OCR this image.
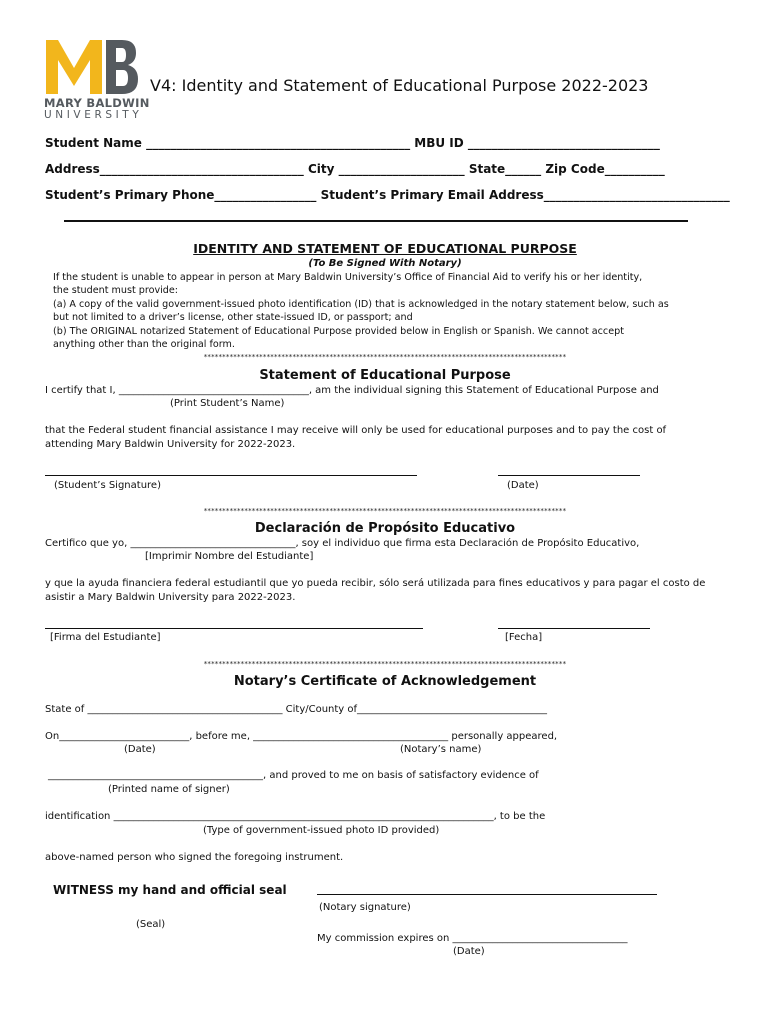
MARY BALDWIN
UNIVERSITY
V4: Identity and Statement of Educational Purpose 2022-2023
Student Name ____________________________________________ MBU ID ________________________________
Address__________________________________ City _____________________ State______ Zip Code__________
Student’s Primary Phone_________________ Student’s Primary Email Address_______________________________
IDENTITY AND STATEMENT OF EDUCATIONAL PURPOSE
(To Be Signed With Notary)
If the student is unable to appear in person at Mary Baldwin University’s Office of Financial Aid to verify his or her identity,
the student must provide:
(a) A copy of the valid government-issued photo identification (ID) that is acknowledged in the notary statement below, such as
but not limited to a driver’s license, other state-issued ID, or passport; and
(b) The ORIGINAL notarized Statement of Educational Purpose provided below in English or Spanish. We cannot accept
anything other than the original form.
**************************************************************************************************
Statement of Educational Purpose
I certify that I, ______________________________________, am the individual signing this Statement of Educational Purpose and
(Print Student’s Name)
that the Federal student financial assistance I may receive will only be used for educational purposes and to pay the cost of
attending Mary Baldwin University for 2022-2023.
(Student’s Signature)	(Date)
**************************************************************************************************
Declaración de Propósito Educativo
Certifico que yo, _________________________________, soy el individuo que firma esta Declaración de Propósito Educativo,
[Imprimir Nombre del Estudiante]
y que la ayuda financiera federal estudiantil que yo pueda recibir, sólo será utilizada para fines educativos y para pagar el costo de
asistir a Mary Baldwin University para 2022-2023.
[Firma del Estudiante]	[Fecha]
**************************************************************************************************
Notary’s Certificate of Acknowledgement
State of _______________________________________ City/County of______________________________________
On__________________________, before me, _______________________________________ personally appeared,
(Date)	(Notary’s name)
___________________________________________, and proved to me on basis of satisfactory evidence of
(Printed name of signer)
identification ____________________________________________________________________________, to be the
(Type of government-issued photo ID provided)
above-named person who signed the foregoing instrument.
WITNESS my hand and official seal
(Notary signature)
(Seal)
My commission expires on ___________________________________
(Date)
